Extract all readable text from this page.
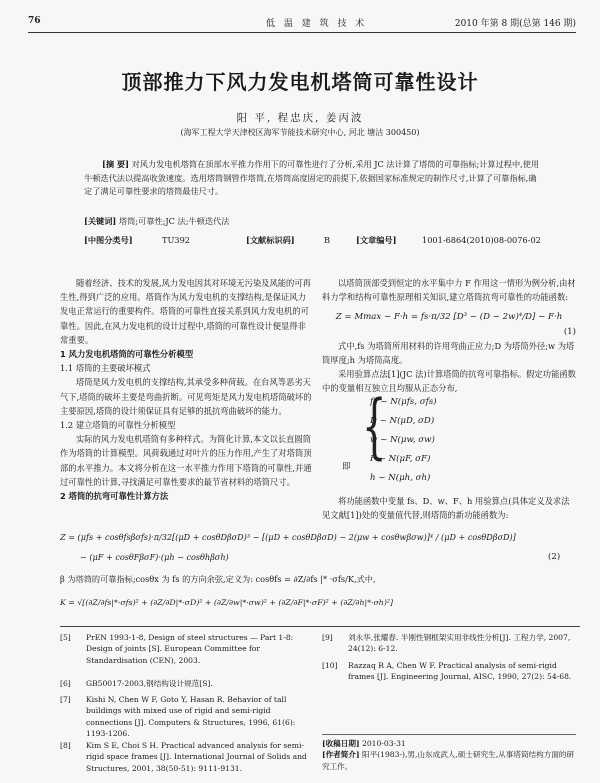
76	低 温 建 筑 技 术	2010 年第 8 期(总第 146 期)
顶部推力下风力发电机塔筒可靠性设计
阳 平, 程忠庆, 姜丙波
(海军工程大学天津校区海军节能技术研究中心, 河北 塘沽 300450)
[摘 要] 对风力发电机塔筒在顶部水平推力作用下的可靠性进行了分析,采用 JC 法计算了塔筒的可靠指标;计算过程中,使用牛顿迭代法以提高收敛速度。选用塔筒钢管作塔筒,在塔筒高度固定的前提下,依据国家标准规定的制作尺寸,计算了可靠指标,确定了满足可靠性要求的塔筒最佳尺寸。
[关键词] 塔筒;可靠性;JC 法;牛顿迭代法
[中图分类号]	TU392	[文献标识码]	B	[文章编号]	1001-6864(2010)08-0076-02

随着经济、技术的发展,风力发电因其对环境无污染及风能的可再生性,得到广泛的应用。塔筒作为风力发电机的支撑结构,是保证风力发电正常运行的重要构件。塔筒的可靠性直接关系到风力发电机的可靠性。因此,在风力发电机的设计过程中,塔筒的可靠性设计便显得非常重要。

1 风力发电机塔筒的可靠性分析模型

1.1 塔筒的主要破坏模式

塔筒是风力发电机的支撑结构,其承受多种荷载。在台风等恶劣天气下,塔筒的破坏主要是弯曲折断。可见弯矩是风力发电机塔筒破坏的主要原因,塔筒的设计须保证具有足够的抵抗弯曲破坏的能力。

1.2 建立塔筒的可靠性分析模型

实际的风力发电机塔筒有多种样式。为简化计算,本文以长直圆筒作为塔筒的计算模型。风荷载通过对叶片的压力作用,产生了对塔筒顶部的水平推力。本文将分析在这一水平推力作用下塔筒的可靠性,并通过可靠性的计算,寻找满足可靠性要求的最节省材料的塔筒尺寸。

2 塔筒的抗弯可靠性计算方法

以塔筒顶部受到恒定的水平集中力 F 作用这一情形为例分析,由材料力学和结构可靠性原理相关知识,建立塔筒抗弯可靠性的功能函数:

Z = Mmax − F·h = fs·π/32 [D³ − (D − 2w)⁴/D] − F·h
(1)

式中,fs 为塔筒所用材料的许用弯曲正应力;D 为塔筒外径;w 为塔筒厚度;h 为塔筒高度。

采用验算点法[1](JC 法)计算塔筒的抗弯可靠指标。假定功能函数中的变量相互独立且均服从正态分布,

即 {
fs ~ N(μfs, σfs)
D ~ N(μD, σD)
w ~ N(μw, σw)
F ~ N(μF, σF)
h ~ N(μh, σh)

将功能函数中变量 fs、D、w、F、h 用验算点(具体定义及求法见文献[1])处的变量值代替,则塔筒的新功能函数为:

Z = (μfs + cosθfsβσfs)·π/32[(μD + cosθDβσD)³ − [(μD + cosθDβσD) − 2(μw + cosθwβσw)]⁴ / (μD + cosθDβσD)]
− (μF + cosθFβσF)·(μh − cosθhβσh)	(2)
β 为塔筒的可靠指标;cosθx 为 fs 的方向余弦,定义为: cosθfs = ∂Z/∂fs |* ·σfs/K,式中,
K = √[(∂Z/∂fs|*·σfs)² + (∂Z/∂D|*·σD)² + (∂Z/∂w|*·σw)² + (∂Z/∂F|*·σF)² + (∂Z/∂h|*·σh)²]
[5] PrEN 1993-1-8, Design of steel structures — Part 1-8: Design of joints [S]. European Committee for Standardisation (CEN), 2003.
[6] GB50017-2003,钢结构设计规范[S].
[7] Kishi N, Chen W F, Goto Y, Hasan R. Behavior of tall buildings with mixed use of rigid and semi-rigid connections [J]. Computers & Structures, 1996, 61(6): 1193-1206.
[8] Kim S E, Choi S H. Practical advanced analysis for semi-rigid space frames [J]. International Journal of Solids and Structures, 2001, 38(50-51): 9111-9131.
[9] 刘永华,张耀春. 半刚性钢框架实用非线性分析[J]. 工程力学, 2007, 24(12): 6-12.
[10] Razzaq R A, Chen W F. Practical analysis of semi-rigid frames [J]. Engineering Journal, AISC, 1990, 27(2): 54-68.
[收稿日期] 2010-03-31
[作者简介] 阳平(1983-),男,山东成武人,硕士研究生,从事塔筒结构方面的研究工作。
